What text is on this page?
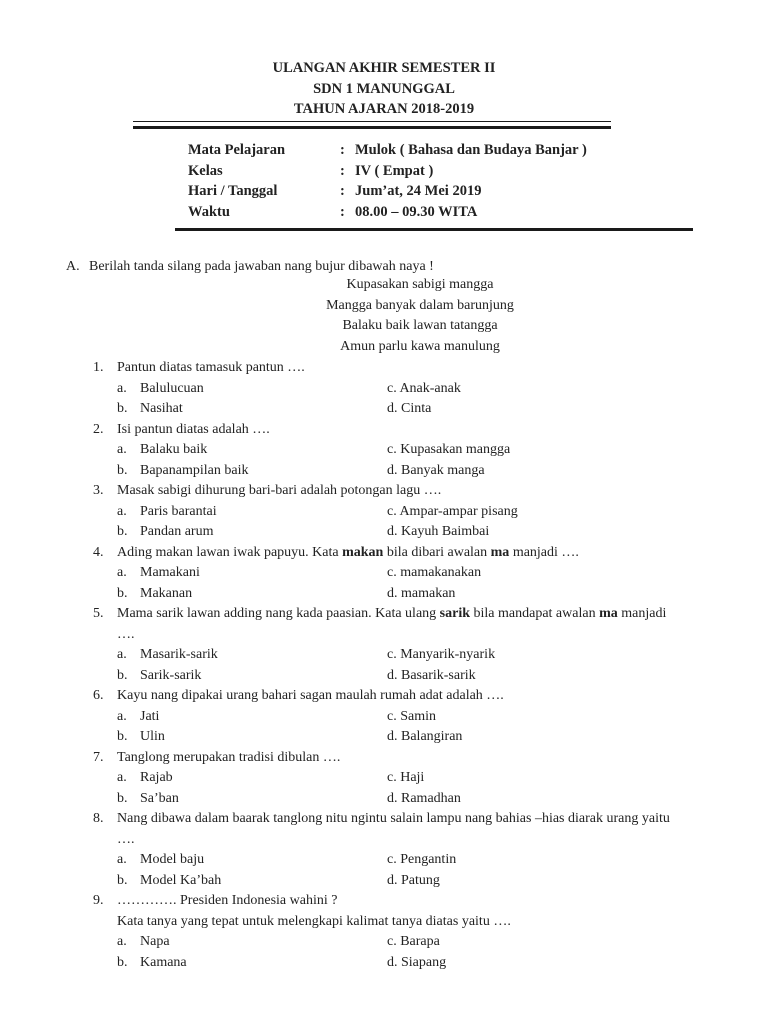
ULANGAN AKHIR SEMESTER II
SDN 1 MANUNGGAL
TAHUN AJARAN 2018-2019
Mata Pelajaran	: Mulok ( Bahasa dan Budaya Banjar )
Kelas	: IV ( Empat )
Hari / Tanggal	: Jum’at, 24 Mei 2019
Waktu	: 08.00 – 09.30 WITA
A. Berilah tanda silang pada jawaban nang bujur dibawah naya !
Kupasakan sabigi mangga
Mangga banyak dalam barunjung
Balaku baik lawan tatangga
Amun parlu kawa manulung
1. Pantun diatas tamasuk pantun ….
a. Balulucuan	c. Anak-anak
b. Nasihat	d. Cinta
2. Isi pantun diatas adalah ….
a. Balaku baik	c. Kupasakan mangga
b. Bapanampilan baik	d. Banyak manga
3. Masak sabigi dihurung bari-bari adalah potongan lagu ….
a. Paris barantai	c. Ampar-ampar pisang
b. Pandan arum	d. Kayuh Baimbai
4. Ading makan lawan iwak papuyu. Kata makan bila dibari awalan ma manjadi ….
a. Mamakani	c. mamakanakan
b. Makanan	d. mamakan
5. Mama sarik lawan adding nang kada paasian. Kata ulang sarik bila mandapat awalan ma manjadi
….
a. Masarik-sarik	c. Manyarik-nyarik
b. Sarik-sarik	d. Basarik-sarik
6. Kayu nang dipakai urang bahari sagan maulah rumah adat adalah ….
a. Jati	c. Samin
b. Ulin	d. Balangiran
7. Tanglong merupakan tradisi dibulan ….
a. Rajab	c. Haji
b. Sa’ban	d. Ramadhan
8. Nang dibawa dalam baarak tanglong nitu ngintu salain lampu nang bahias –hias diarak urang yaitu
….
a. Model baju	c. Pengantin
b. Model Ka’bah	d. Patung
9. …………. Presiden Indonesia wahini ?
Kata tanya yang tepat untuk melengkapi kalimat tanya diatas yaitu ….
a. Napa	c. Barapa
b. Kamana	d. Siapang
